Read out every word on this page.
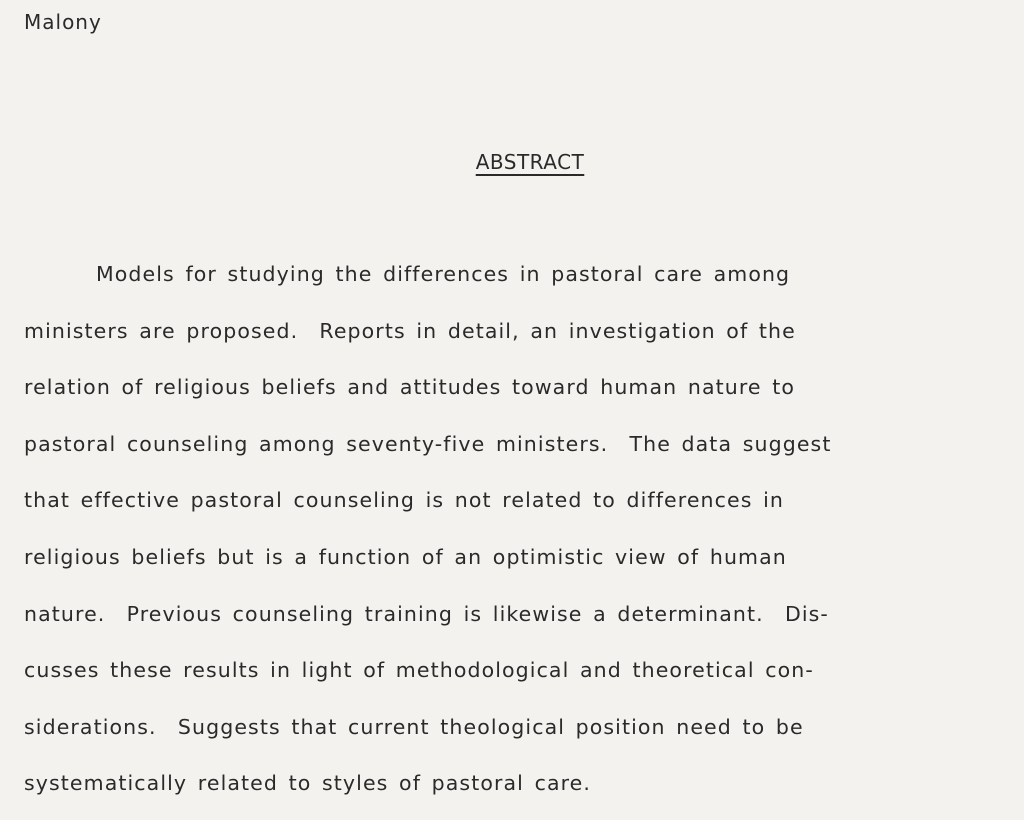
Malony
ABSTRACT
Models for studying the differences in pastoral care among
ministers are proposed.  Reports in detail, an investigation of the
relation of religious beliefs and attitudes toward human nature to
pastoral counseling among seventy-five ministers.  The data suggest
that effective pastoral counseling is not related to differences in
religious beliefs but is a function of an optimistic view of human
nature.  Previous counseling training is likewise a determinant.  Dis-
cusses these results in light of methodological and theoretical con-
siderations.  Suggests that current theological position need to be
systematically related to styles of pastoral care.
